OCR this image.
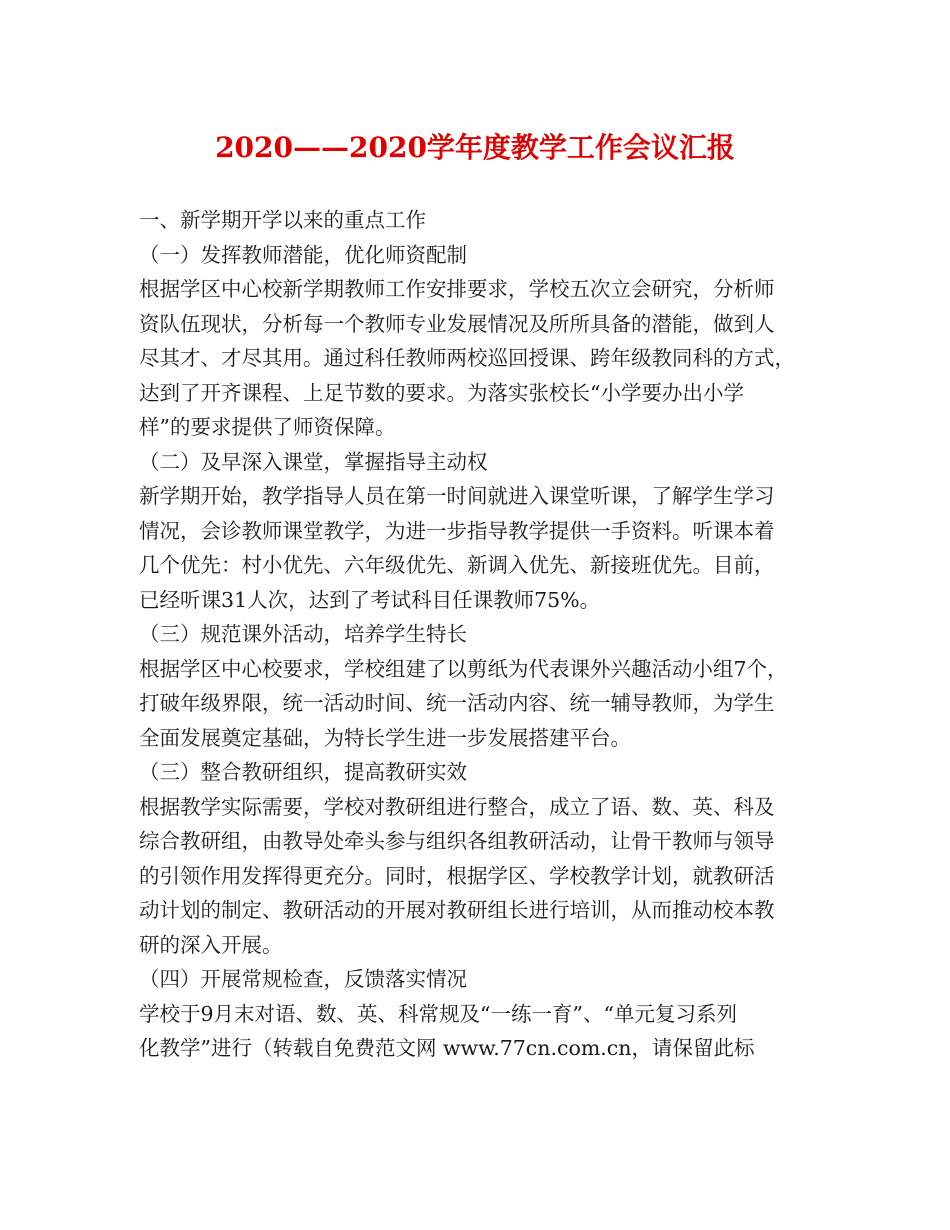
2020——2020学年度教学工作会议汇报
一、新学期开学以来的重点工作
（一）发挥教师潜能，优化师资配制
根据学区中心校新学期教师工作安排要求，学校五次立会研究，分析师
资队伍现状，分析每一个教师专业发展情况及所所具备的潜能，做到人
尽其才、才尽其用。通过科任教师两校巡回授课、跨年级教同科的方式，
达到了开齐课程、上足节数的要求。为落实张校长“小学要办出小学
样”的要求提供了师资保障。
（二）及早深入课堂，掌握指导主动权
新学期开始，教学指导人员在第一时间就进入课堂听课，了解学生学习
情况，会诊教师课堂教学，为进一步指导教学提供一手资料。听课本着
几个优先：村小优先、六年级优先、新调入优先、新接班优先。目前，
已经听课31人次，达到了考试科目任课教师75%。
（三）规范课外活动，培养学生特长
根据学区中心校要求，学校组建了以剪纸为代表课外兴趣活动小组7个，
打破年级界限，统一活动时间、统一活动内容、统一辅导教师，为学生
全面发展奠定基础，为特长学生进一步发展搭建平台。
（三）整合教研组织，提高教研实效
根据教学实际需要，学校对教研组进行整合，成立了语、数、英、科及
综合教研组，由教导处牵头参与组织各组教研活动，让骨干教师与领导
的引领作用发挥得更充分。同时，根据学区、学校教学计划，就教研活
动计划的制定、教研活动的开展对教研组长进行培训，从而推动校本教
研的深入开展。
（四）开展常规检查，反馈落实情况
学校于9月末对语、数、英、科常规及“一练一育”、“单元复习系列
化教学”进行（转载自免费范文网 www.77cn.com.cn，请保留此标
